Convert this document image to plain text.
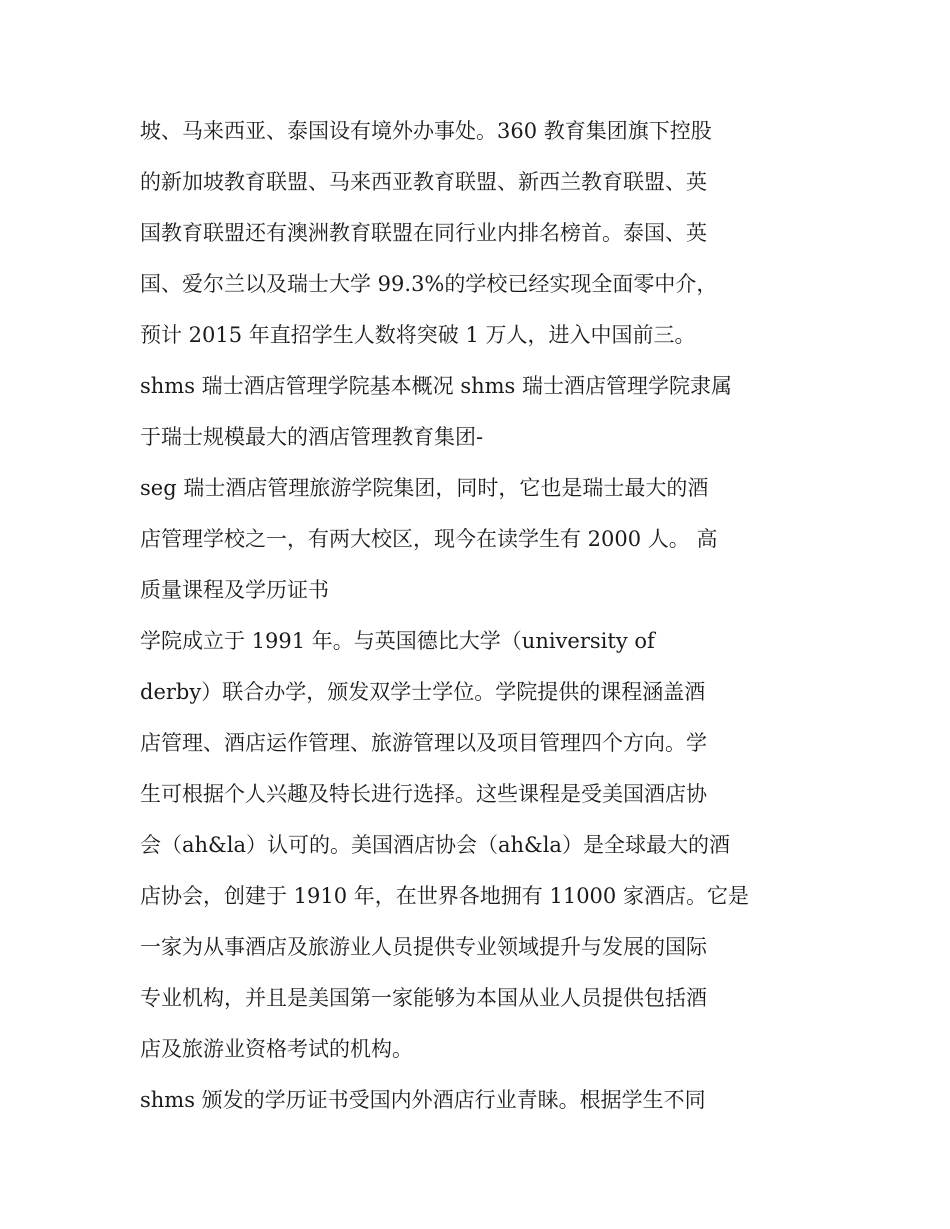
坡、马来西亚、泰国设有境外办事处。360 教育集团旗下控股
的新加坡教育联盟、马来西亚教育联盟、新西兰教育联盟、英
国教育联盟还有澳洲教育联盟在同行业内排名榜首。泰国、英
国、爱尔兰以及瑞士大学 99.3%的学校已经实现全面零中介，
预计 2015 年直招学生人数将突破 1 万人，进入中国前三。
shms 瑞士酒店管理学院基本概况 shms 瑞士酒店管理学院隶属
于瑞士规模最大的酒店管理教育集团-
seg 瑞士酒店管理旅游学院集团，同时，它也是瑞士最大的酒
店管理学校之一，有两大校区，现今在读学生有 2000 人。 高
质量课程及学历证书
学院成立于 1991 年。与英国德比大学（university of
derby）联合办学，颁发双学士学位。学院提供的课程涵盖酒
店管理、酒店运作管理、旅游管理以及项目管理四个方向。学
生可根据个人兴趣及特长进行选择。这些课程是受美国酒店协
会（ah&la）认可的。美国酒店协会（ah&la）是全球最大的酒
店协会，创建于 1910 年，在世界各地拥有 11000 家酒店。它是
一家为从事酒店及旅游业人员提供专业领域提升与发展的国际
专业机构，并且是美国第一家能够为本国从业人员提供包括酒
店及旅游业资格考试的机构。
shms 颁发的学历证书受国内外酒店行业青睐。根据学生不同
